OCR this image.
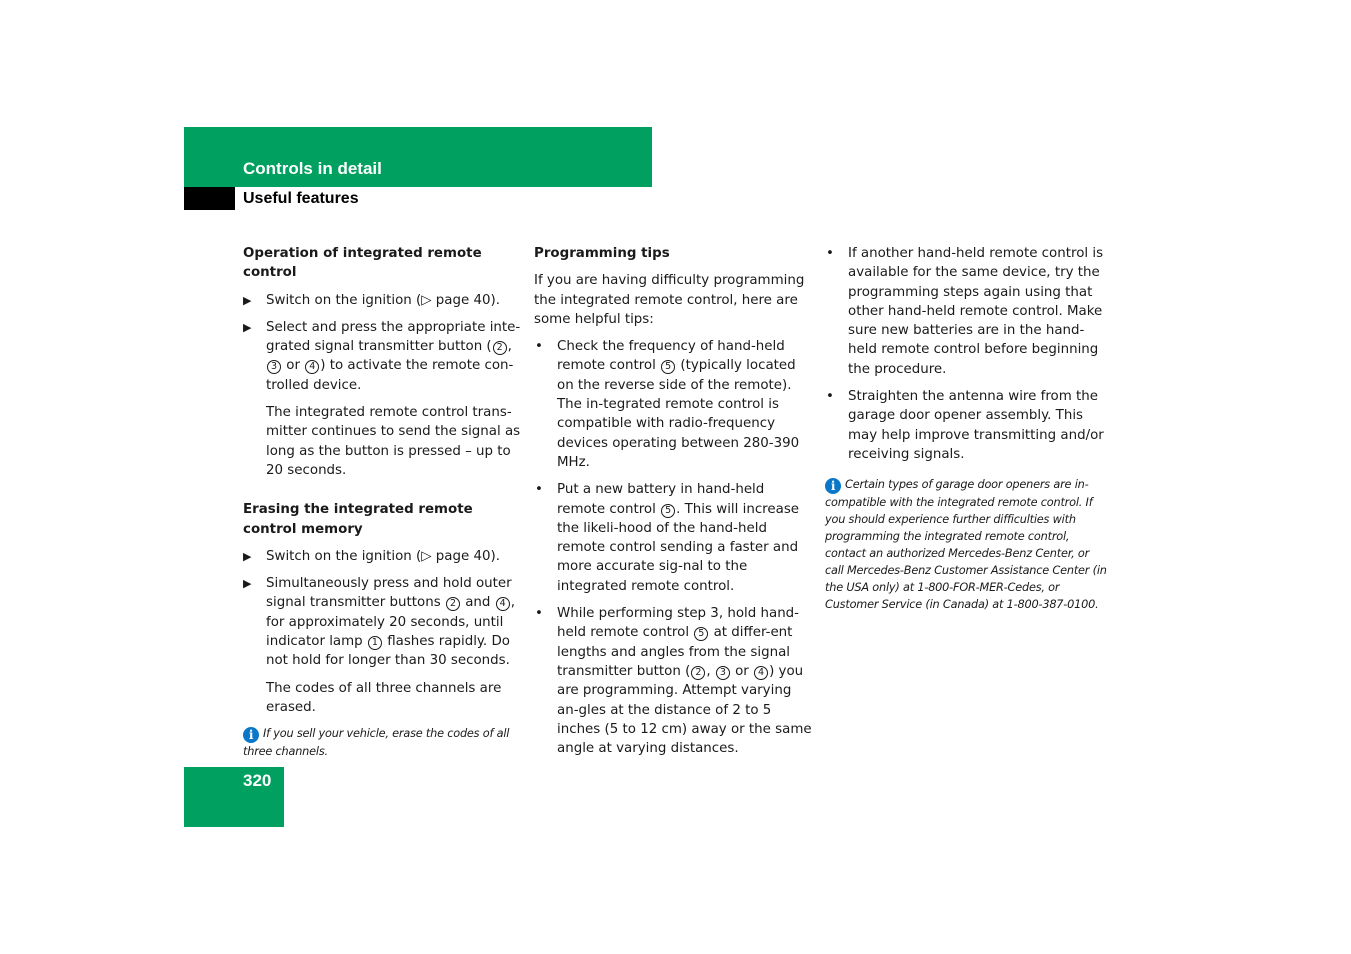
Controls in detail
Useful features
Operation of integrated remote control
▶ Switch on the ignition (▷ page 40).
▶ Select and press the appropriate inte-grated signal transmitter button ( 2 , 3 or 4 ) to activate the remote con-trolled device.
The integrated remote control trans-mitter continues to send the signal as long as the button is pressed – up to 20 seconds.
Erasing the integrated remote control memory
▶ Switch on the ignition (▷ page 40).
▶ Simultaneously press and hold outer signal transmitter buttons 2 and 4 , for approximately 20 seconds, until indicator lamp 1 flashes rapidly. Do not hold for longer than 30 seconds.
The codes of all three channels are erased.
i If you sell your vehicle, erase the codes of all three channels.
Programming tips

If you are having difficulty programming the integrated remote control, here are some helpful tips:

• Check the frequency of hand-held remote control 5 (typically located on the reverse side of the remote). The in-tegrated remote control is compatible with radio-frequency devices operating between 280-390 MHz.
• Put a new battery in hand-held remote control 5 . This will increase the likeli-hood of the hand-held remote control sending a faster and more accurate sig-nal to the integrated remote control.
• While performing step 3, hold hand-held remote control 5 at differ-ent lengths and angles from the signal transmitter button ( 2 , 3 or 4 ) you are programming. Attempt varying an-gles at the distance of 2 to 5 inches (5 to 12 cm) away or the same angle at varying distances.
• If another hand-held remote control is available for the same device, try the programming steps again using that other hand-held remote control. Make sure new batteries are in the hand-held remote control before beginning the procedure.
• Straighten the antenna wire from the garage door opener assembly. This may help improve transmitting and/or receiving signals.
i Certain types of garage door openers are in-compatible with the integrated remote control. If you should experience further difficulties with programming the integrated remote control, contact an authorized Mercedes-Benz Center, or call Mercedes-Benz Customer Assistance Center (in the USA only) at 1-800-FOR-MER-Cedes, or Customer Service (in Canada) at 1-800-387-0100.
320
